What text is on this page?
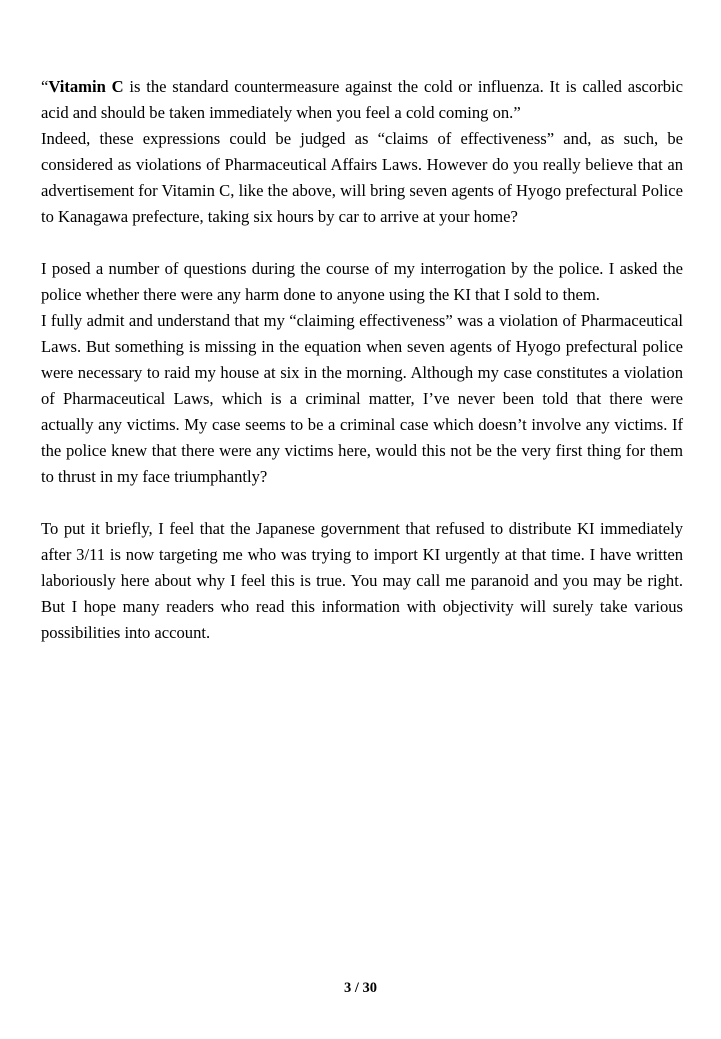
“Vitamin C is the standard countermeasure against the cold or influenza. It is called ascorbic acid and should be taken immediately when you feel a cold coming on.”

Indeed, these expressions could be judged as “claims of effectiveness” and, as such, be considered as violations of Pharmaceutical Affairs Laws. However do you really believe that an advertisement for Vitamin C, like the above, will bring seven agents of Hyogo prefectural Police to Kanagawa prefecture, taking six hours by car to arrive at your home?

I posed a number of questions during the course of my interrogation by the police. I asked the police whether there were any harm done to anyone using the KI that I sold to them.

I fully admit and understand that my “claiming effectiveness” was a violation of Pharmaceutical Laws. But something is missing in the equation when seven agents of Hyogo prefectural police were necessary to raid my house at six in the morning. Although my case constitutes a violation of Pharmaceutical Laws, which is a criminal matter, I’ve never been told that there were actually any victims. My case seems to be a criminal case which doesn’t involve any victims. If the police knew that there were any victims here, would this not be the very first thing for them to thrust in my face triumphantly?

To put it briefly, I feel that the Japanese government that refused to distribute KI immediately after 3/11 is now targeting me who was trying to import KI urgently at that time. I have written laboriously here about why I feel this is true. You may call me paranoid and you may be right. But I hope many readers who read this information with objectivity will surely take various possibilities into account.

3 / 30
